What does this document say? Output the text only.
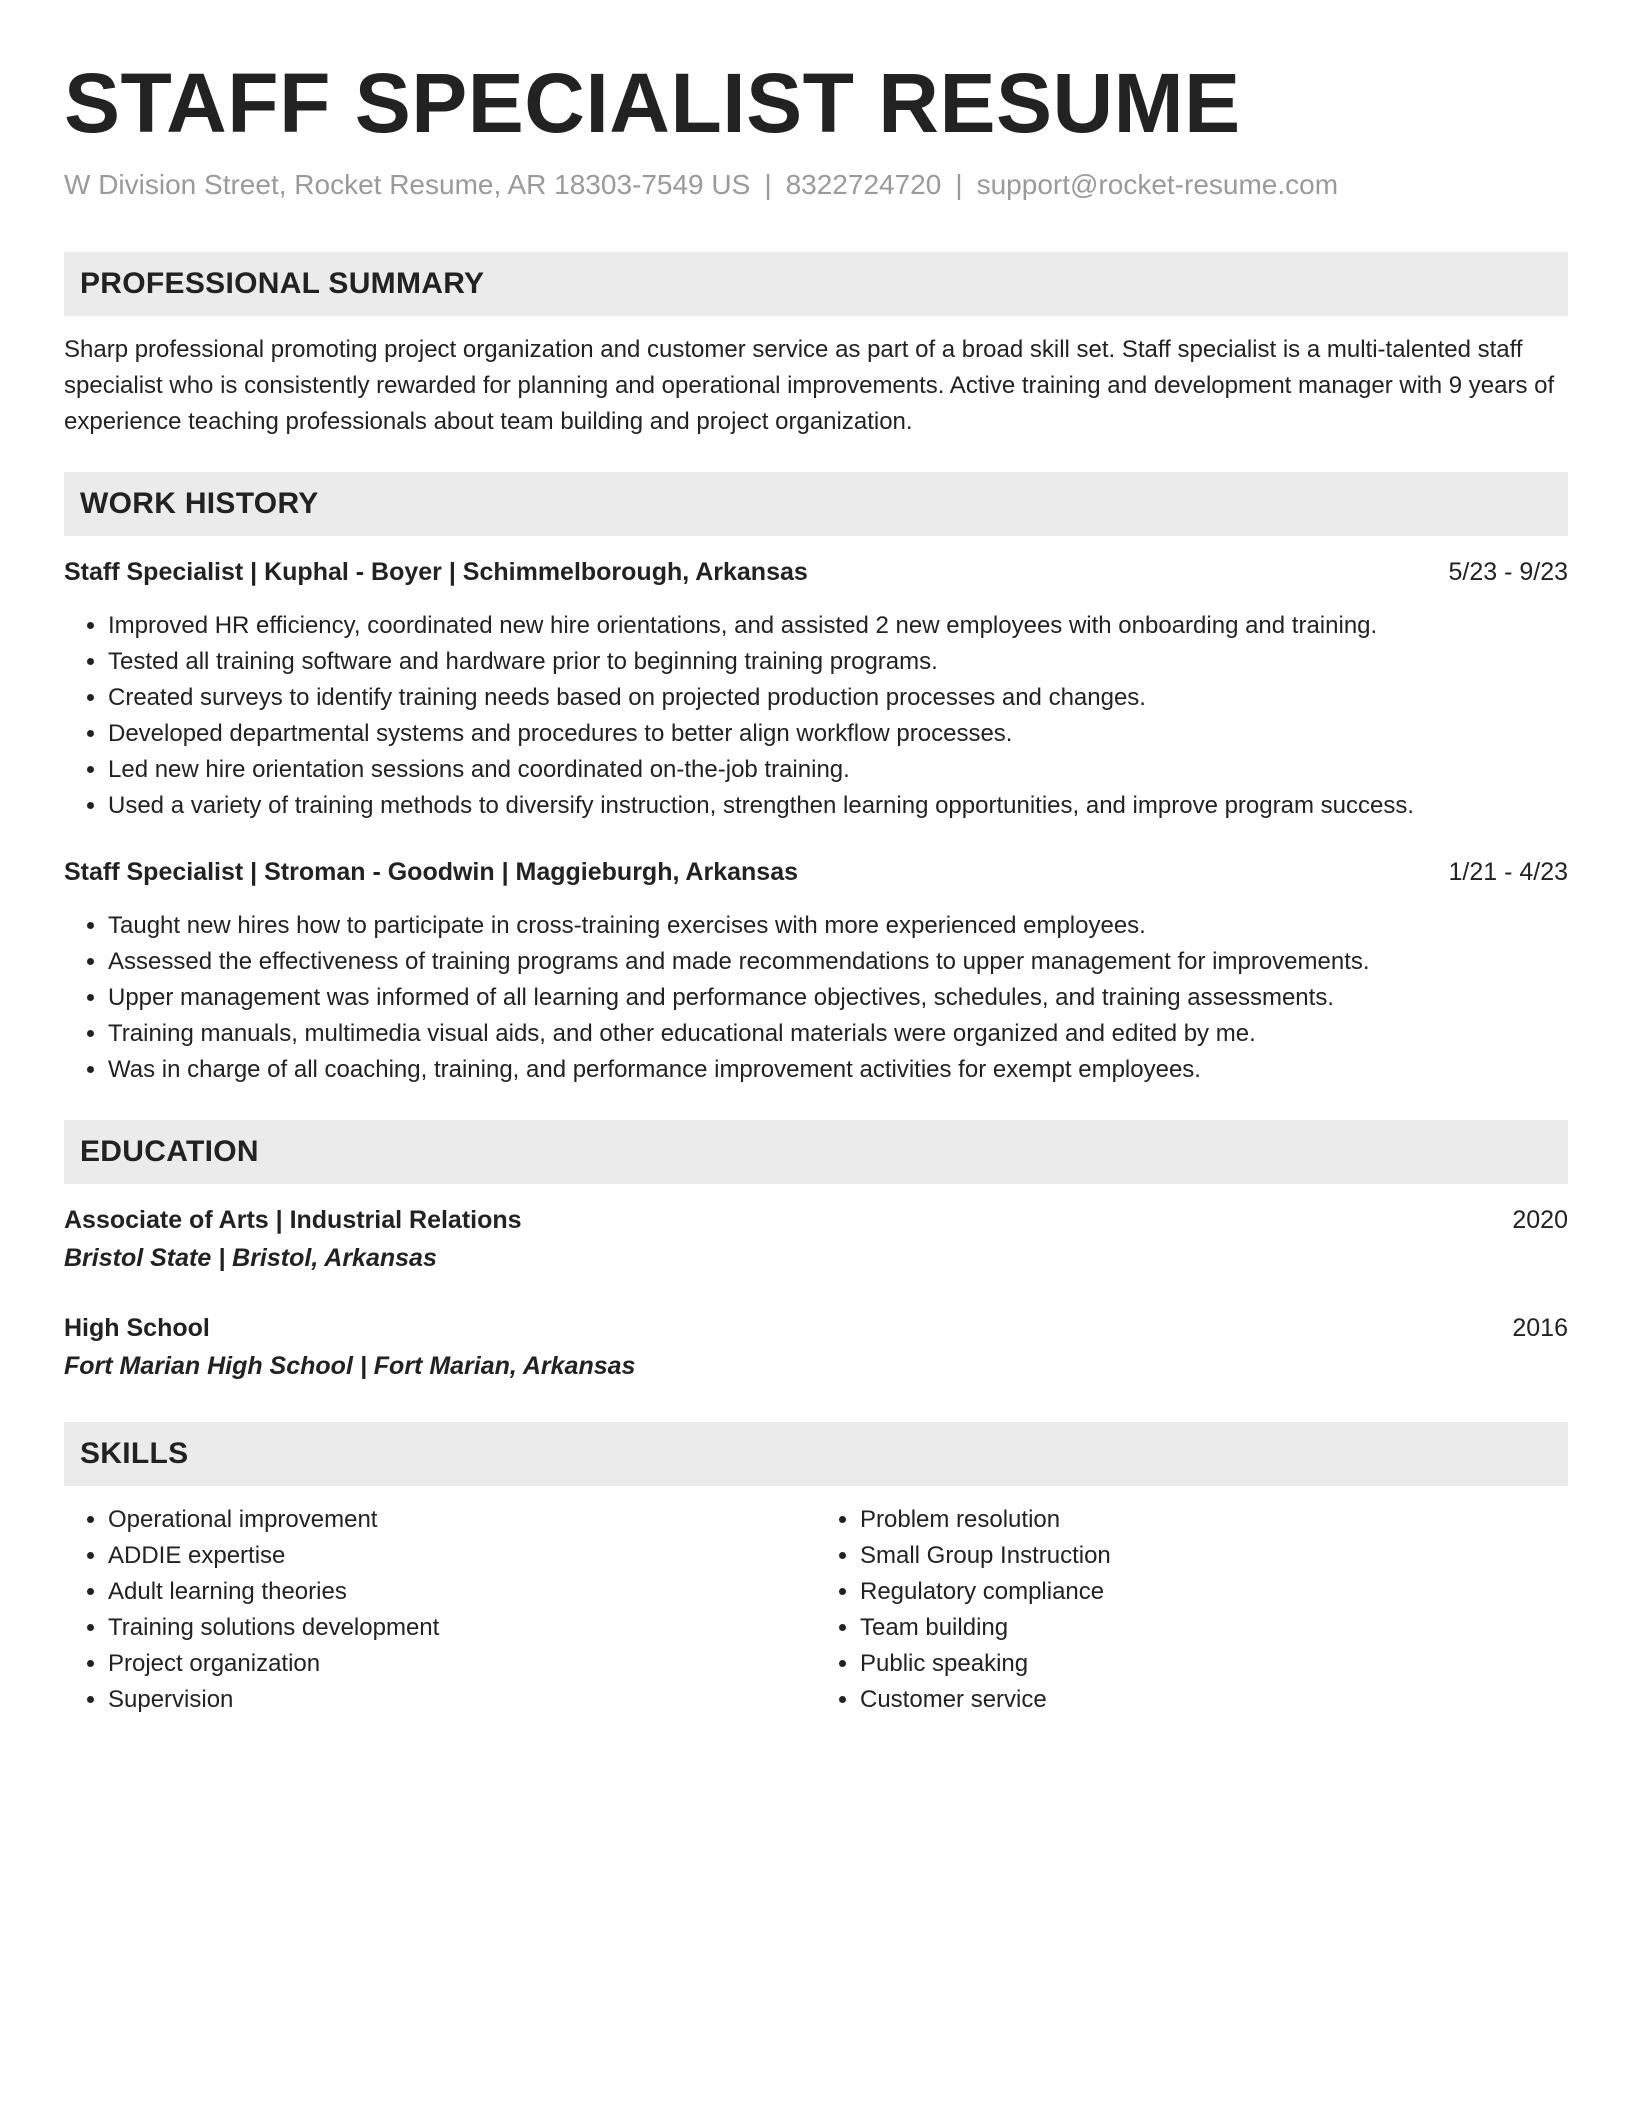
STAFF SPECIALIST RESUME
W Division Street, Rocket Resume, AR 18303-7549 US | 8322724720 | support@rocket-resume.com
PROFESSIONAL SUMMARY
Sharp professional promoting project organization and customer service as part of a broad skill set. Staff specialist is a multi-talented staff specialist who is consistently rewarded for planning and operational improvements. Active training and development manager with 9 years of experience teaching professionals about team building and project organization.
WORK HISTORY
Staff Specialist | Kuphal - Boyer | Schimmelborough, Arkansas	5/23 - 9/23
• Improved HR efficiency, coordinated new hire orientations, and assisted 2 new employees with onboarding and training.
• Tested all training software and hardware prior to beginning training programs.
• Created surveys to identify training needs based on projected production processes and changes.
• Developed departmental systems and procedures to better align workflow processes.
• Led new hire orientation sessions and coordinated on-the-job training.
• Used a variety of training methods to diversify instruction, strengthen learning opportunities, and improve program success.
Staff Specialist | Stroman - Goodwin | Maggieburgh, Arkansas	1/21 - 4/23
• Taught new hires how to participate in cross-training exercises with more experienced employees.
• Assessed the effectiveness of training programs and made recommendations to upper management for improvements.
• Upper management was informed of all learning and performance objectives, schedules, and training assessments.
• Training manuals, multimedia visual aids, and other educational materials were organized and edited by me.
• Was in charge of all coaching, training, and performance improvement activities for exempt employees.
EDUCATION
Associate of Arts | Industrial Relations	2020
Bristol State | Bristol, Arkansas
High School	2016
Fort Marian High School | Fort Marian, Arkansas
SKILLS
• Operational improvement
• ADDIE expertise
• Adult learning theories
• Training solutions development
• Project organization
• Supervision
• Problem resolution
• Small Group Instruction
• Regulatory compliance
• Team building
• Public speaking
• Customer service
